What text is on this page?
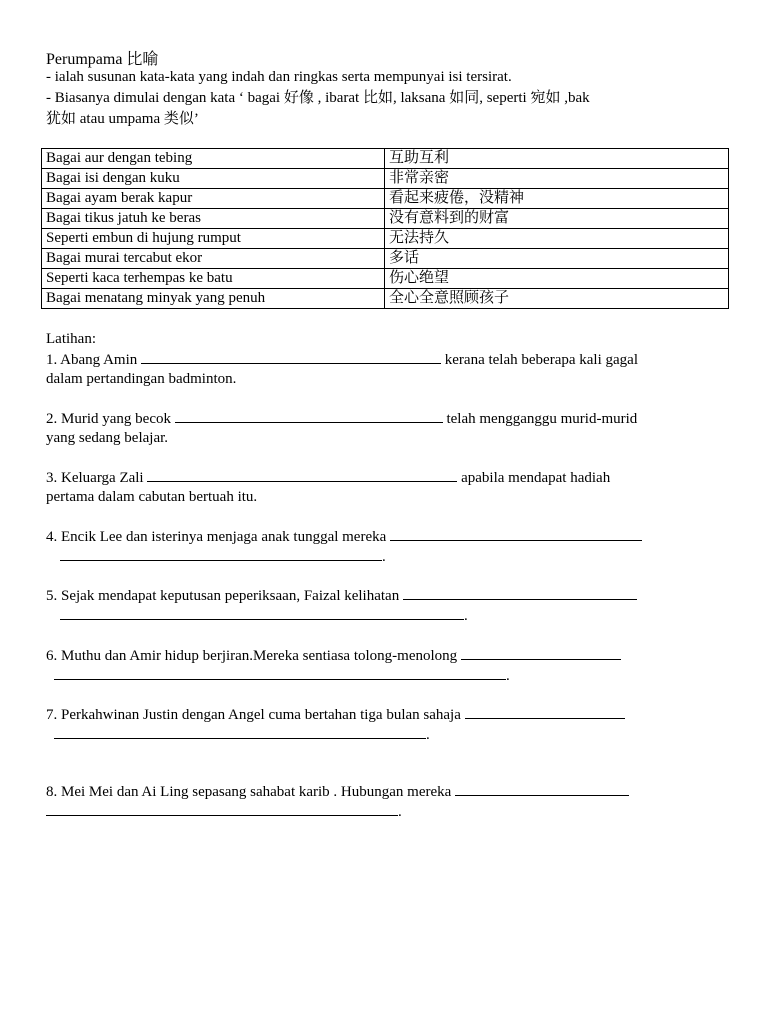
Perumpama 比喻
- ialah susunan kata-kata yang indah dan ringkas serta mempunyai isi tersirat.
- Biasanya dimulai dengan kata ‘ bagai 好像 , ibarat 比如, laksana 如同, seperti 宛如 ,bak
犹如 atau umpama 类似’
Bagai aur dengan tebing	互助互利
Bagai isi dengan kuku	非常亲密
Bagai ayam berak kapur	看起来疲倦，没精神
Bagai tikus jatuh ke beras	没有意料到的财富
Seperti embun di hujung rumput	无法持久
Bagai murai tercabut ekor	多话
Seperti kaca terhempas ke batu	伤心绝望
Bagai menatang minyak yang penuh	全心全意照顾孩子
Latihan:
1. Abang Amin	kerana telah beberapa kali gagal
dalam pertandingan badminton.
2. Murid yang becok	telah mengganggu murid-murid
yang sedang belajar.
3. Keluarga Zali	apabila mendapat hadiah
pertama dalam cabutan bertuah itu.
4. Encik Lee dan isterinya menjaga anak tunggal mereka
.
5. Sejak mendapat keputusan peperiksaan, Faizal kelihatan
.
6. Muthu dan Amir hidup berjiran.Mereka sentiasa tolong-menolong
.
7. Perkahwinan Justin dengan Angel cuma bertahan tiga bulan sahaja
.
8. Mei Mei dan Ai Ling sepasang sahabat karib . Hubungan mereka
.
